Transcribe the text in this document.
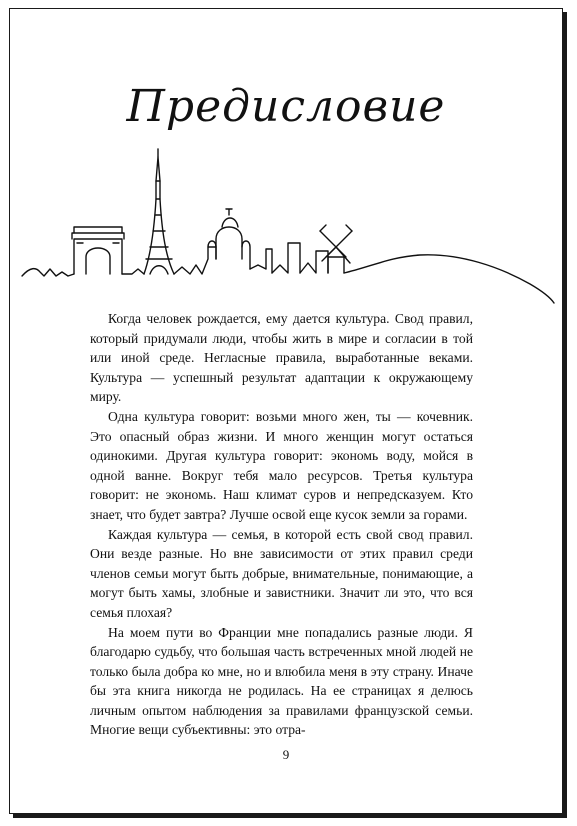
Предисловие

Когда человек рождается, ему дается культура. Свод правил, который придумали люди, чтобы жить в мире и согласии в той или иной среде. Негласные правила, выработанные веками. Культура — успешный результат адаптации к окружающему миру.

Одна культура говорит: возьми много жен, ты — кочевник. Это опасный образ жизни. И много женщин могут остаться одинокими. Другая культура говорит: экономь воду, мойся в одной ванне. Вокруг тебя мало ресурсов. Третья культура говорит: не экономь. Наш климат суров и непредсказуем. Кто знает, что будет завтра? Лучше освой еще кусок земли за горами.

Каждая культура — семья, в которой есть свой свод правил. Они везде разные. Но вне зависимости от этих правил среди членов семьи могут быть добрые, внимательные, понимающие, а могут быть хамы, злобные и завистники. Значит ли это, что вся семья плохая?

На моем пути во Франции мне попадались разные люди. Я благодарю судьбу, что большая часть встреченных мной людей не только была добра ко мне, но и влюбила меня в эту страну. Иначе бы эта книга никогда не родилась. На ее страницах я делюсь личным опытом наблюдения за правилами французской семьи. Многие вещи субъективны: это отра-

9
